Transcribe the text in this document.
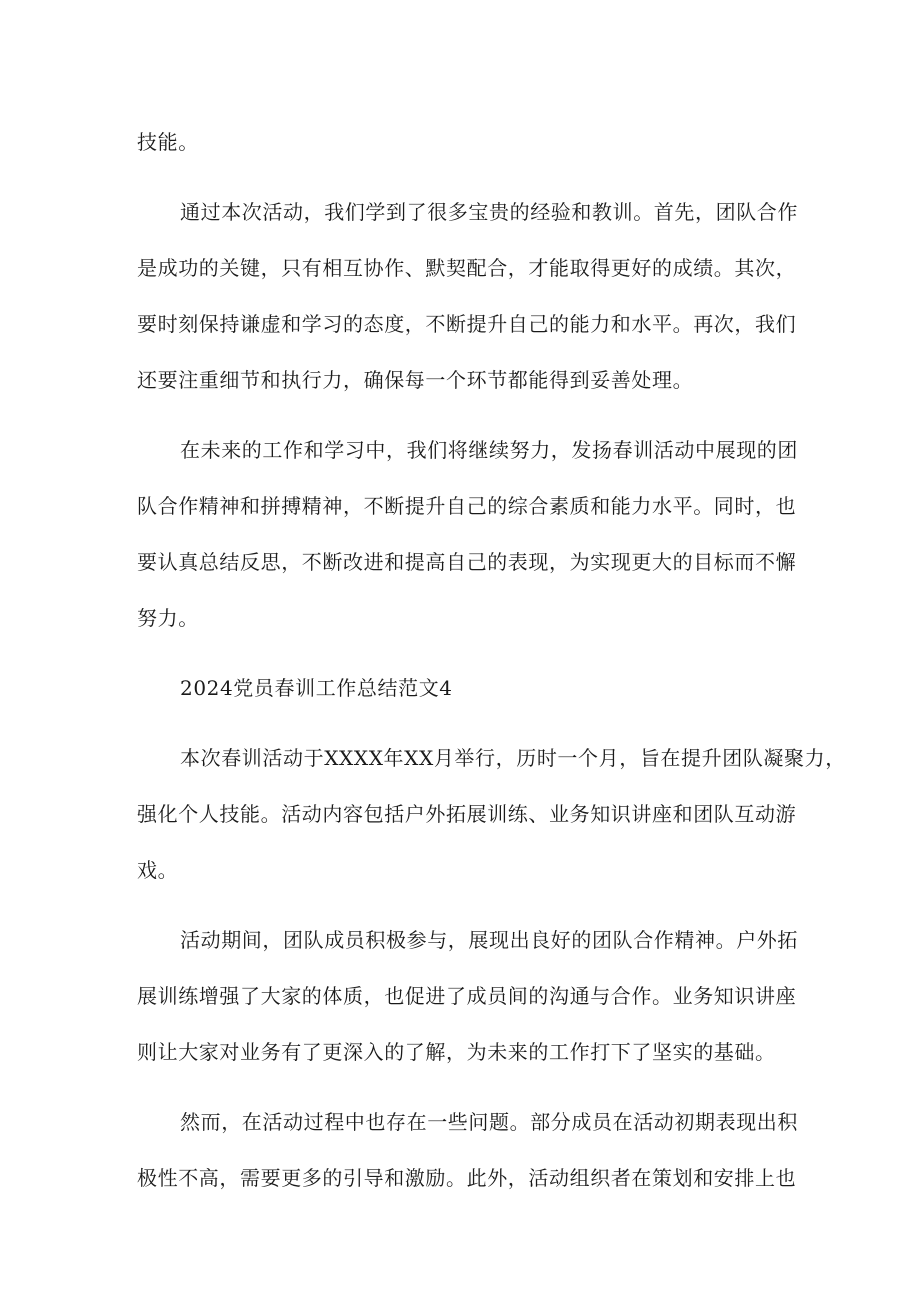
技能。
通过本次活动，我们学到了很多宝贵的经验和教训。首先，团队合作
是成功的关键，只有相互协作、默契配合，才能取得更好的成绩。其次，
要时刻保持谦虚和学习的态度，不断提升自己的能力和水平。再次，我们
还要注重细节和执行力，确保每一个环节都能得到妥善处理。
在未来的工作和学习中，我们将继续努力，发扬春训活动中展现的团
队合作精神和拼搏精神，不断提升自己的综合素质和能力水平。同时，也
要认真总结反思，不断改进和提高自己的表现，为实现更大的目标而不懈
努力。
2024党员春训工作总结范文4
本次春训活动于XXXX年XX月举行，历时一个月，旨在提升团队凝聚力，
强化个人技能。活动内容包括户外拓展训练、业务知识讲座和团队互动游
戏。
活动期间，团队成员积极参与，展现出良好的团队合作精神。户外拓
展训练增强了大家的体质，也促进了成员间的沟通与合作。业务知识讲座
则让大家对业务有了更深入的了解，为未来的工作打下了坚实的基础。
然而，在活动过程中也存在一些问题。部分成员在活动初期表现出积
极性不高，需要更多的引导和激励。此外，活动组织者在策划和安排上也
